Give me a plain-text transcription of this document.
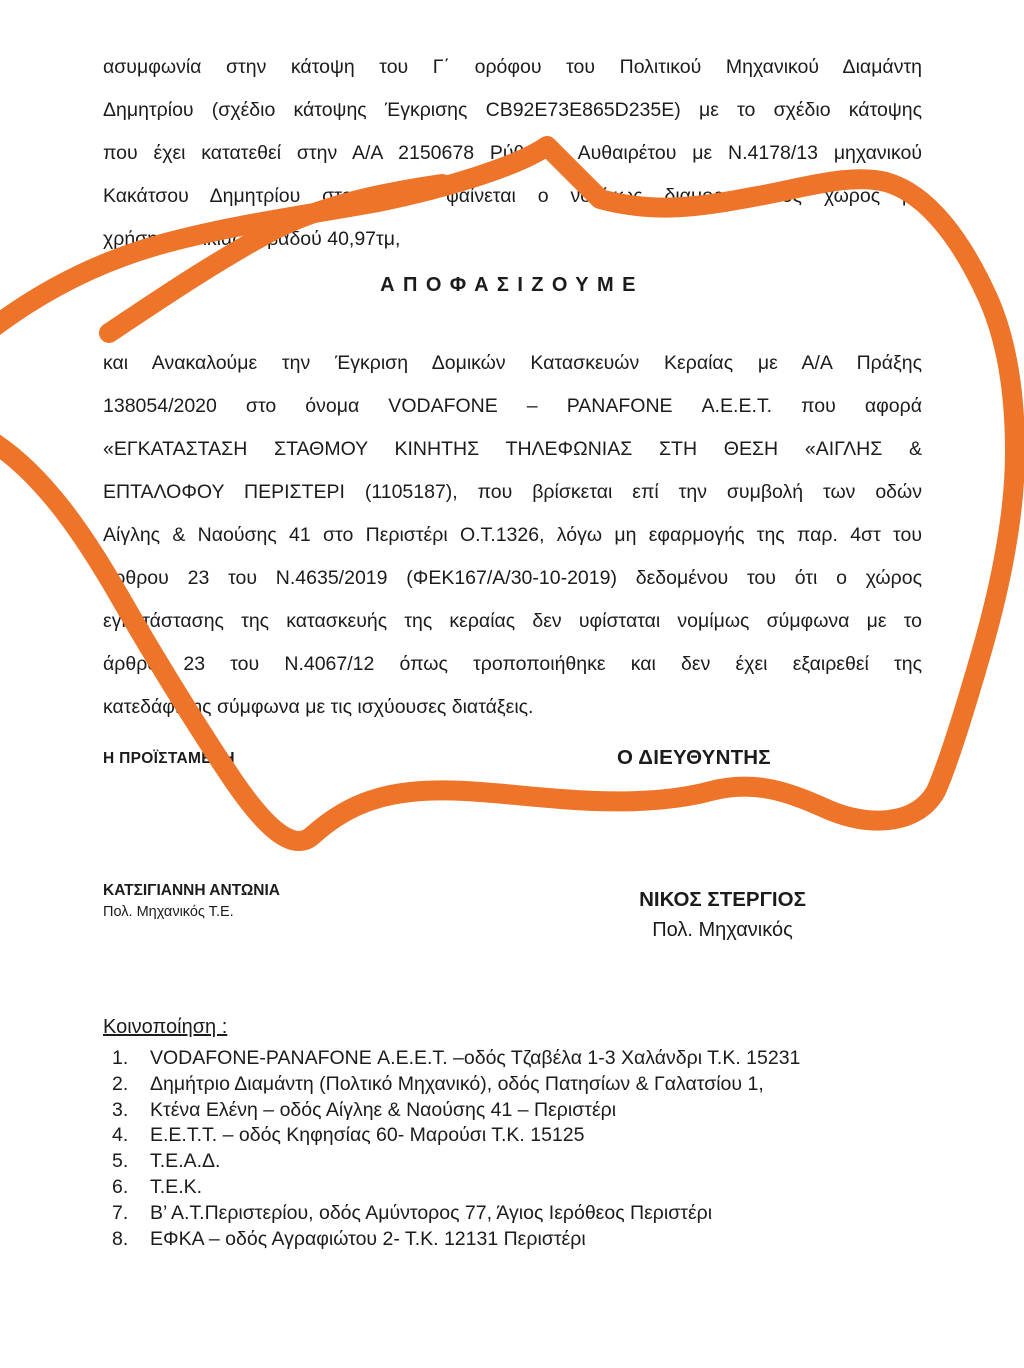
ασυμφωνία στην κάτοψη του Γ΄ ορόφου του Πολιτικού Μηχανικού Διαμάντη
Δημητρίου (σχέδιο κάτοψης Έγκρισης CB92E73E865D235E) με το σχέδιο κάτοψης
που έχει κατατεθεί στην Α/Α 2150678 Ρύθμιση Αυθαιρέτου με Ν.4178/13 μηχανικού
Κακάτσου Δημητρίου στο οποίο φαίνεται ο νομίμως διαμορφωμένος χώρος με
χρήση κατοικίας εμβαδού 40,97τμ,
ΑΠΟΦΑΣΙΖΟΥΜΕ
και Ανακαλούμε την Έγκριση Δομικών Κατασκευών Κεραίας με Α/Α Πράξης
138054/2020 στο όνομα VODAFONE – PANAFONE Α.Ε.Ε.Τ. που αφορά
«ΕΓΚΑΤΑΣΤΑΣΗ ΣΤΑΘΜΟΥ ΚΙΝΗΤΗΣ ΤΗΛΕΦΩΝΙΑΣ ΣΤΗ ΘΕΣΗ «ΑΙΓΛΗΣ &
ΕΠΤΑΛΟΦΟΥ ΠΕΡΙΣΤΕΡΙ (1105187), που βρίσκεται επί την συμβολή των οδών
Αίγλης & Ναούσης 41 στο Περιστέρι Ο.Τ.1326, λόγω μη εφαρμογής της παρ. 4στ του
άρθρου 23 του Ν.4635/2019 (ΦΕΚ167/Α/30-10-2019) δεδομένου του ότι ο χώρος
εγκατάστασης της κατασκευής της κεραίας δεν υφίσταται νομίμως σύμφωνα με το
άρθρο 23 του Ν.4067/12 όπως τροποποιήθηκε και δεν έχει εξαιρεθεί της
κατεδάφισης σύμφωνα με τις ισχύουσες διατάξεις.
Η ΠΡΟΪΣΤΑΜΕΝΗ	Ο ΔΙΕΥΘΥΝΤΗΣ
ΚΑΤΣΙΓΙΑΝΝΗ ΑΝΤΩΝΙΑ
Πολ. Μηχανικός Τ.Ε.
ΝΙΚΟΣ ΣΤΕΡΓΙΟΣ
Πολ. Μηχανικός
Κοινοποίηση :
1.	VODAFONE-PANAFONE Α.Ε.Ε.Τ. –οδός Τζαβέλα 1-3 Χαλάνδρι Τ.Κ. 15231
2.	Δημήτριο Διαμάντη (Πολτικό Μηχανικό), οδός Πατησίων & Γαλατσίου 1,
3.	Κτένα Ελένη – οδός Αίγληε & Ναούσης 41 – Περιστέρι
4.	Ε.Ε.Τ.Τ. – οδός Κηφησίας 60- Μαρούσι Τ.Κ. 15125
5.	Τ.Ε.Α.Δ.
6.	Τ.Ε.Κ.
7.	Β’ Α.Τ.Περιστερίου, οδός Αμύντορος 77, Άγιος Ιερόθεος Περιστέρι
8.	ΕΦΚΑ – οδός Αγραφιώτου 2- Τ.Κ. 12131 Περιστέρι
